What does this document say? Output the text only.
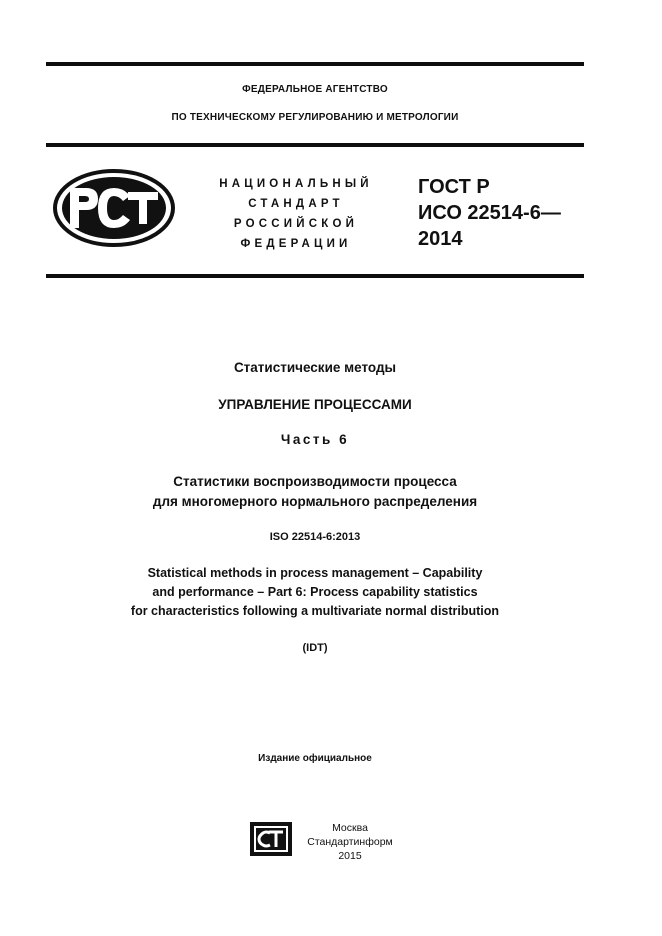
ФЕДЕРАЛЬНОЕ АГЕНТСТВО
ПО ТЕХНИЧЕСКОМУ РЕГУЛИРОВАНИЮ И МЕТРОЛОГИИ
НАЦИОНАЛЬНЫЙ
СТАНДАРТ
РОССИЙСКОЙ
ФЕДЕРАЦИИ
ГОСТ Р
ИСО 22514-6—
2014
Статистические методы
УПРАВЛЕНИЕ ПРОЦЕССАМИ
Часть 6
Статистики воспроизводимости процесса
для многомерного нормального распределения
ISO 22514-6:2013
Statistical methods in process management – Capability
and performance – Part 6: Process capability statistics
for characteristics following a multivariate normal distribution
(IDT)
Издание официальное
Москва
Стандартинформ
2015
